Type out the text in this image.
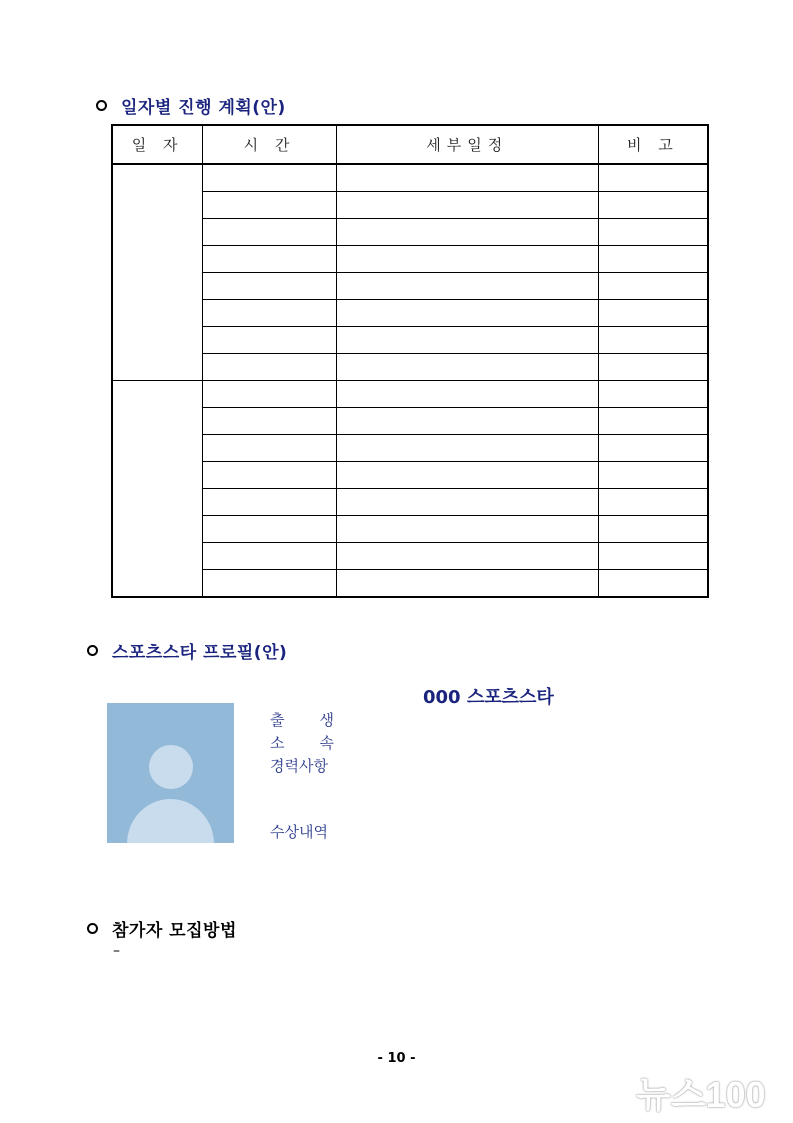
일자별 진행 계획(안)
일 자	시 간	세부일정	비 고

스포츠스타 프로필(안)
000 스포츠스타
출 생
소 속
경력사항
수상내역
참가자 모집방법
–
- 10 -
뉴스100
